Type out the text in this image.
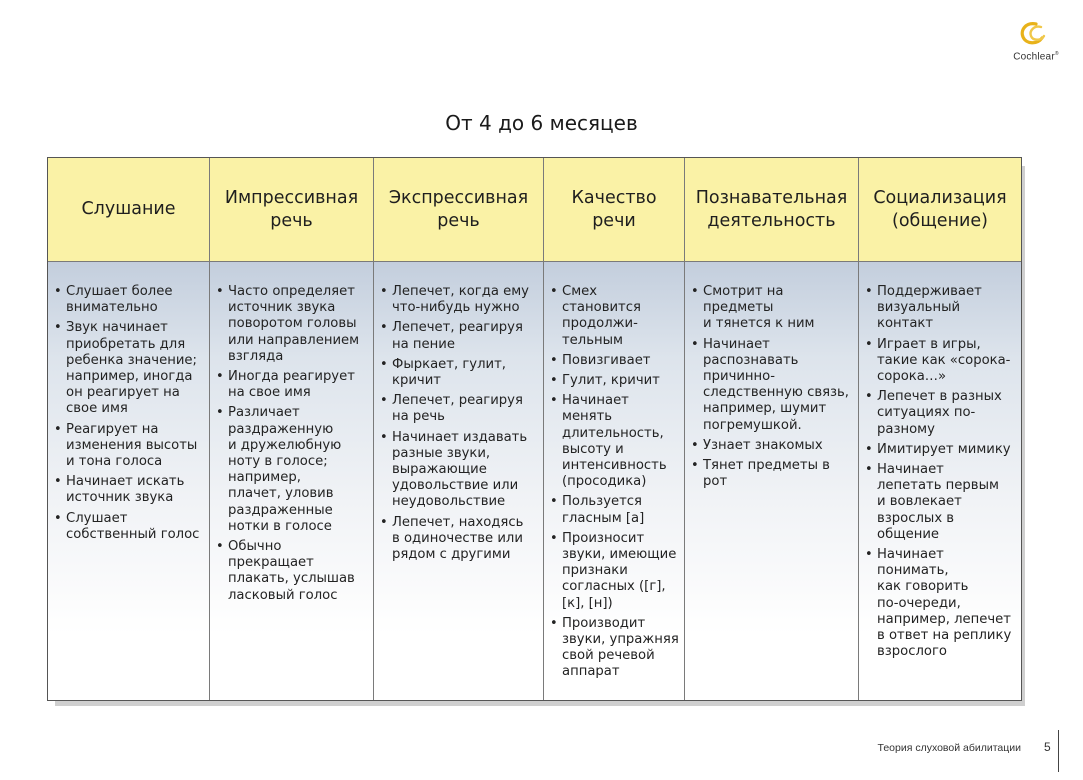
Cochlear®
От 4 до 6 месяцев
Слушание
Импрессивная
речь
Экспрессивная
речь
Качество
речи
Познавательная
деятельность
Социализация
(общение)
• Слушает более
внимательно
• Звук начинает
приобретать для
ребенка значение;
например, иногда
он реагирует на
свое имя
• Реагирует на
изменения высоты
и тона голоса
• Начинает искать
источник звука
• Слушает
собственный голос
• Часто определяет
источник звука
поворотом головы
или направлением
взгляда
• Иногда реагирует
на свое имя
• Различает
раздраженную
и дружелюбную
ноту в голосе;
например,
плачет, уловив
раздраженные
нотки в голосе
• Обычно
прекращает
плакать, услышав
ласковый голос
• Лепечет, когда ему
что-нибудь нужно
• Лепечет, реагируя
на пение
• Фыркает, гулит,
кричит
• Лепечет, реагируя
на речь
• Начинает издавать
разные звуки,
выражающие
удовольствие или
неудовольствие
• Лепечет, находясь
в одиночестве или
рядом с другими
• Смех становится
продолжи-
тельным
• Повизгивает
• Гулит, кричит
• Начинает
менять
длительность,
высоту и
интенсивность
(просодика)
• Пользуется
гласным [а]
• Произносит
звуки, имеющие
признаки
согласных ([г],
[к], [н])
• Производит
звуки, упражняя
свой речевой
аппарат
• Смотрит на предметы
и тянется к ним
• Начинает
распознавать
причинно-
следственную связь,
например, шумит
погремушкой.
• Узнает знакомых
• Тянет предметы в
рот
• Поддерживает
визуальный
контакт
• Играет в игры,
такие как «сорока-
сорока…»
• Лепечет в разных
ситуациях по-
разному
• Имитирует мимику
• Начинает
лепетать первым
и вовлекает
взрослых в
общение
• Начинает
понимать,
как говорить
по-очереди,
например, лепечет
в ответ на реплику
взрослого
Теория слуховой абилитации 5
